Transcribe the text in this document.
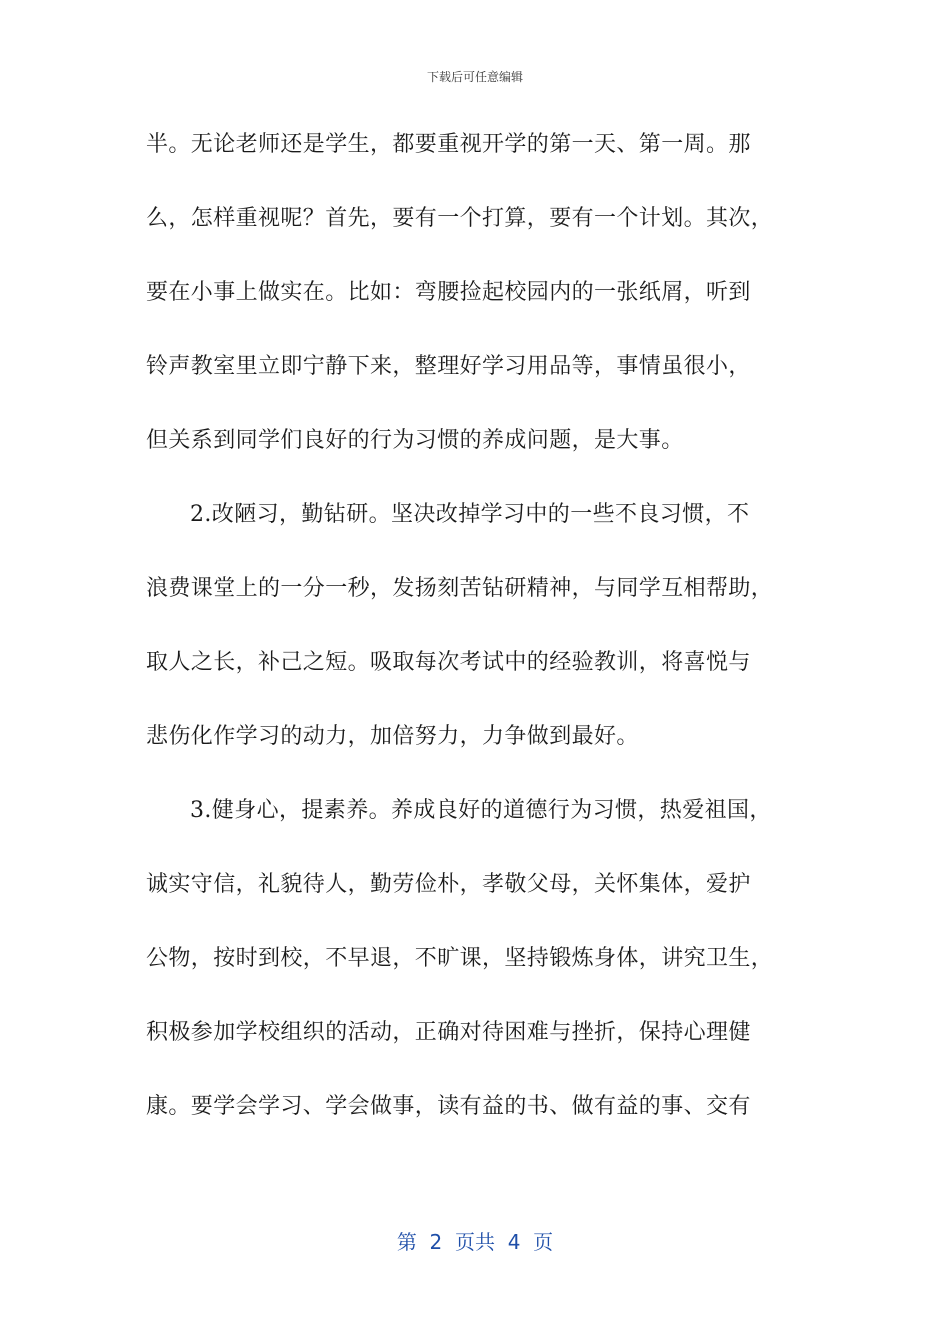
下载后可任意编辑
半。无论老师还是学生，都要重视开学的第一天、第一周。那
么，怎样重视呢？首先，要有一个打算，要有一个计划。其次，
要在小事上做实在。比如：弯腰捡起校园内的一张纸屑，听到
铃声教室里立即宁静下来，整理好学习用品等，事情虽很小，
但关系到同学们良好的行为习惯的养成问题，是大事。
2.改陋习，勤钻研。坚决改掉学习中的一些不良习惯，不
浪费课堂上的一分一秒，发扬刻苦钻研精神，与同学互相帮助，
取人之长，补己之短。吸取每次考试中的经验教训，将喜悦与
悲伤化作学习的动力，加倍努力，力争做到最好。
3.健身心，提素养。养成良好的道德行为习惯，热爱祖国，
诚实守信，礼貌待人，勤劳俭朴，孝敬父母，关怀集体，爱护
公物，按时到校，不早退，不旷课，坚持锻炼身体，讲究卫生，
积极参加学校组织的活动，正确对待困难与挫折，保持心理健
康。要学会学习、学会做事，读有益的书、做有益的事、交有
第  2  页共  4  页
